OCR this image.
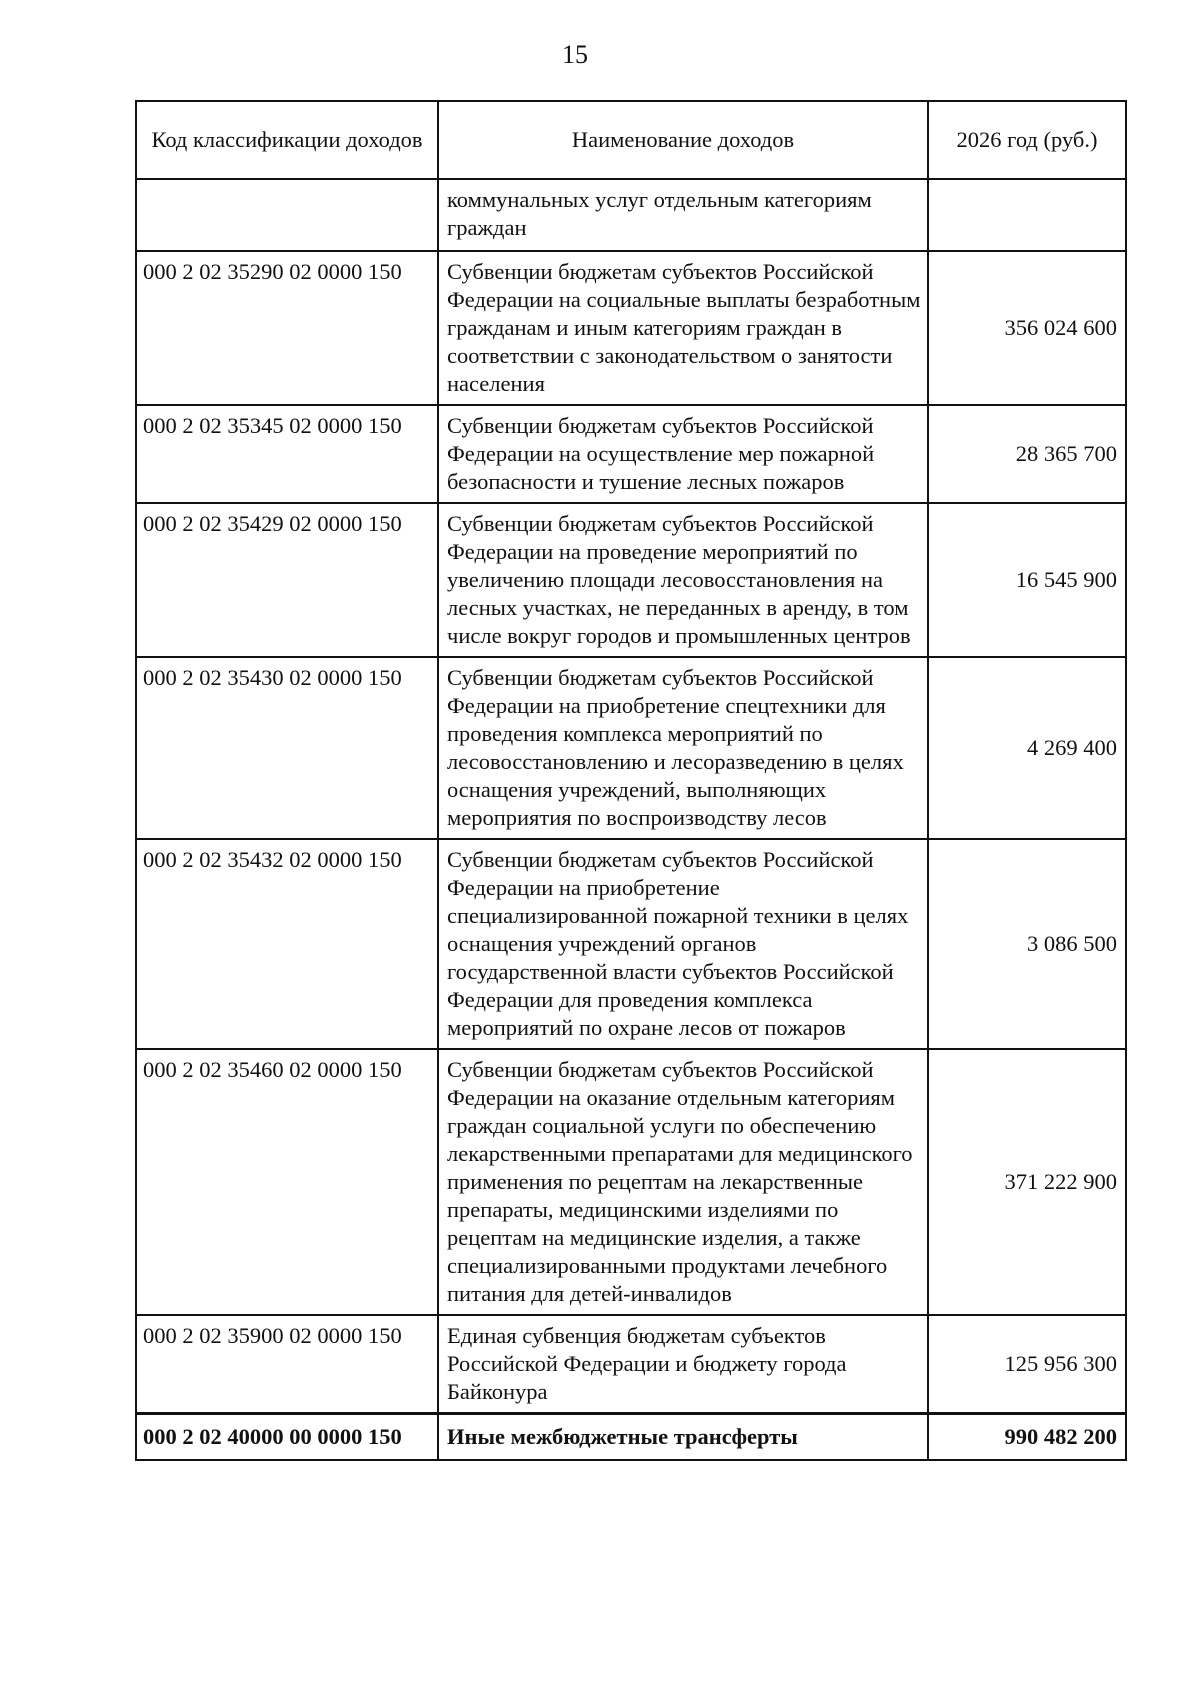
15
Код классификации доходов	Наименование доходов	2026 год (руб.)
	коммунальных услуг отдельным категориям граждан	
000 2 02 35290 02 0000 150	Субвенции бюджетам субъектов Российской Федерации на социальные выплаты безработным гражданам и иным категориям граждан в соответствии с законодательством о занятости населения	356 024 600
000 2 02 35345 02 0000 150	Субвенции бюджетам субъектов Российской Федерации на осуществление мер пожарной безопасности и тушение лесных пожаров	28 365 700
000 2 02 35429 02 0000 150	Субвенции бюджетам субъектов Российской Федерации на проведение мероприятий по увеличению площади лесовосстановления на лесных участках, не переданных в аренду, в том числе вокруг городов и промышленных центров	16 545 900
000 2 02 35430 02 0000 150	Субвенции бюджетам субъектов Российской Федерации на приобретение спецтехники для проведения комплекса мероприятий по лесовосстановлению и лесоразведению в целях оснащения учреждений, выполняющих мероприятия по воспроизводству лесов	4 269 400
000 2 02 35432 02 0000 150	Субвенции бюджетам субъектов Российской Федерации на приобретение специализированной пожарной техники в целях оснащения учреждений органов государственной власти субъектов Российской Федерации для проведения комплекса мероприятий по охране лесов от пожаров	3 086 500
000 2 02 35460 02 0000 150	Субвенции бюджетам субъектов Российской Федерации на оказание отдельным категориям граждан социальной услуги по обеспечению лекарственными препаратами для медицинского применения по рецептам на лекарственные препараты, медицинскими изделиями по рецептам на медицинские изделия, а также специализированными продуктами лечебного питания для детей-инвалидов	371 222 900
000 2 02 35900 02 0000 150	Единая субвенция бюджетам субъектов Российской Федерации и бюджету города Байконура	125 956 300
000 2 02 40000 00 0000 150	Иные межбюджетные трансферты	990 482 200
